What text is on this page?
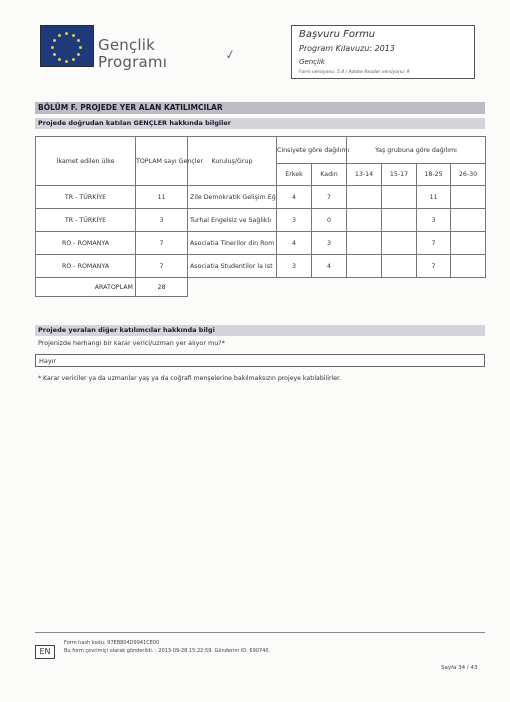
Gençlik
Programı	✓
Başvuru Formu
Program Kılavuzu: 2013
Gençlik
Form versiyonu: 5.4 / Adobe Reader versiyonu: 9
BÖLÜM F. PROJEDE YER ALAN KATILIMCILAR
Projede doğrudan katılan GENÇLER hakkında bilgiler
İkamet edilen ülke	TOPLAM sayı Gençler	Kuruluş/Grup	Cinsiyete göre dağılımı		Yaş grubuna göre dağılımı			
			Erkek	Kadın	13-14	15-17	18-25	26-30
TR - TÜRKİYE	11	Zile Demokratik Gelişim Eğ	4	7			11	
TR - TÜRKİYE	3	Turhal Engelsiz ve Sağlıklı	3	0			3	
RO - ROMANYA	7	Asociatia Tinerilor din Rom	4	3			7	
RO - ROMANYA	7	Asociatia Studentilor la Ist	3	4			7	
ARATOPLAM	28							
Projede yeralan diğer katılımcılar hakkında bilgi
Projenizde herhangi bir karar verici/uzman yer alıyor mu?*
Hayır
* Karar vericiler ya da uzmanlar yaş ya da coğrafi menşelerine bakılmaksızın projeye katılabilirler.
EN
Form hash kodu: 97EB804D9941CE00
Bu form çevrimiçi olarak gönderildi. : 2013-09-28 15:22:59. Gönderim ID: 690740.
Sayfa 34 / 43
